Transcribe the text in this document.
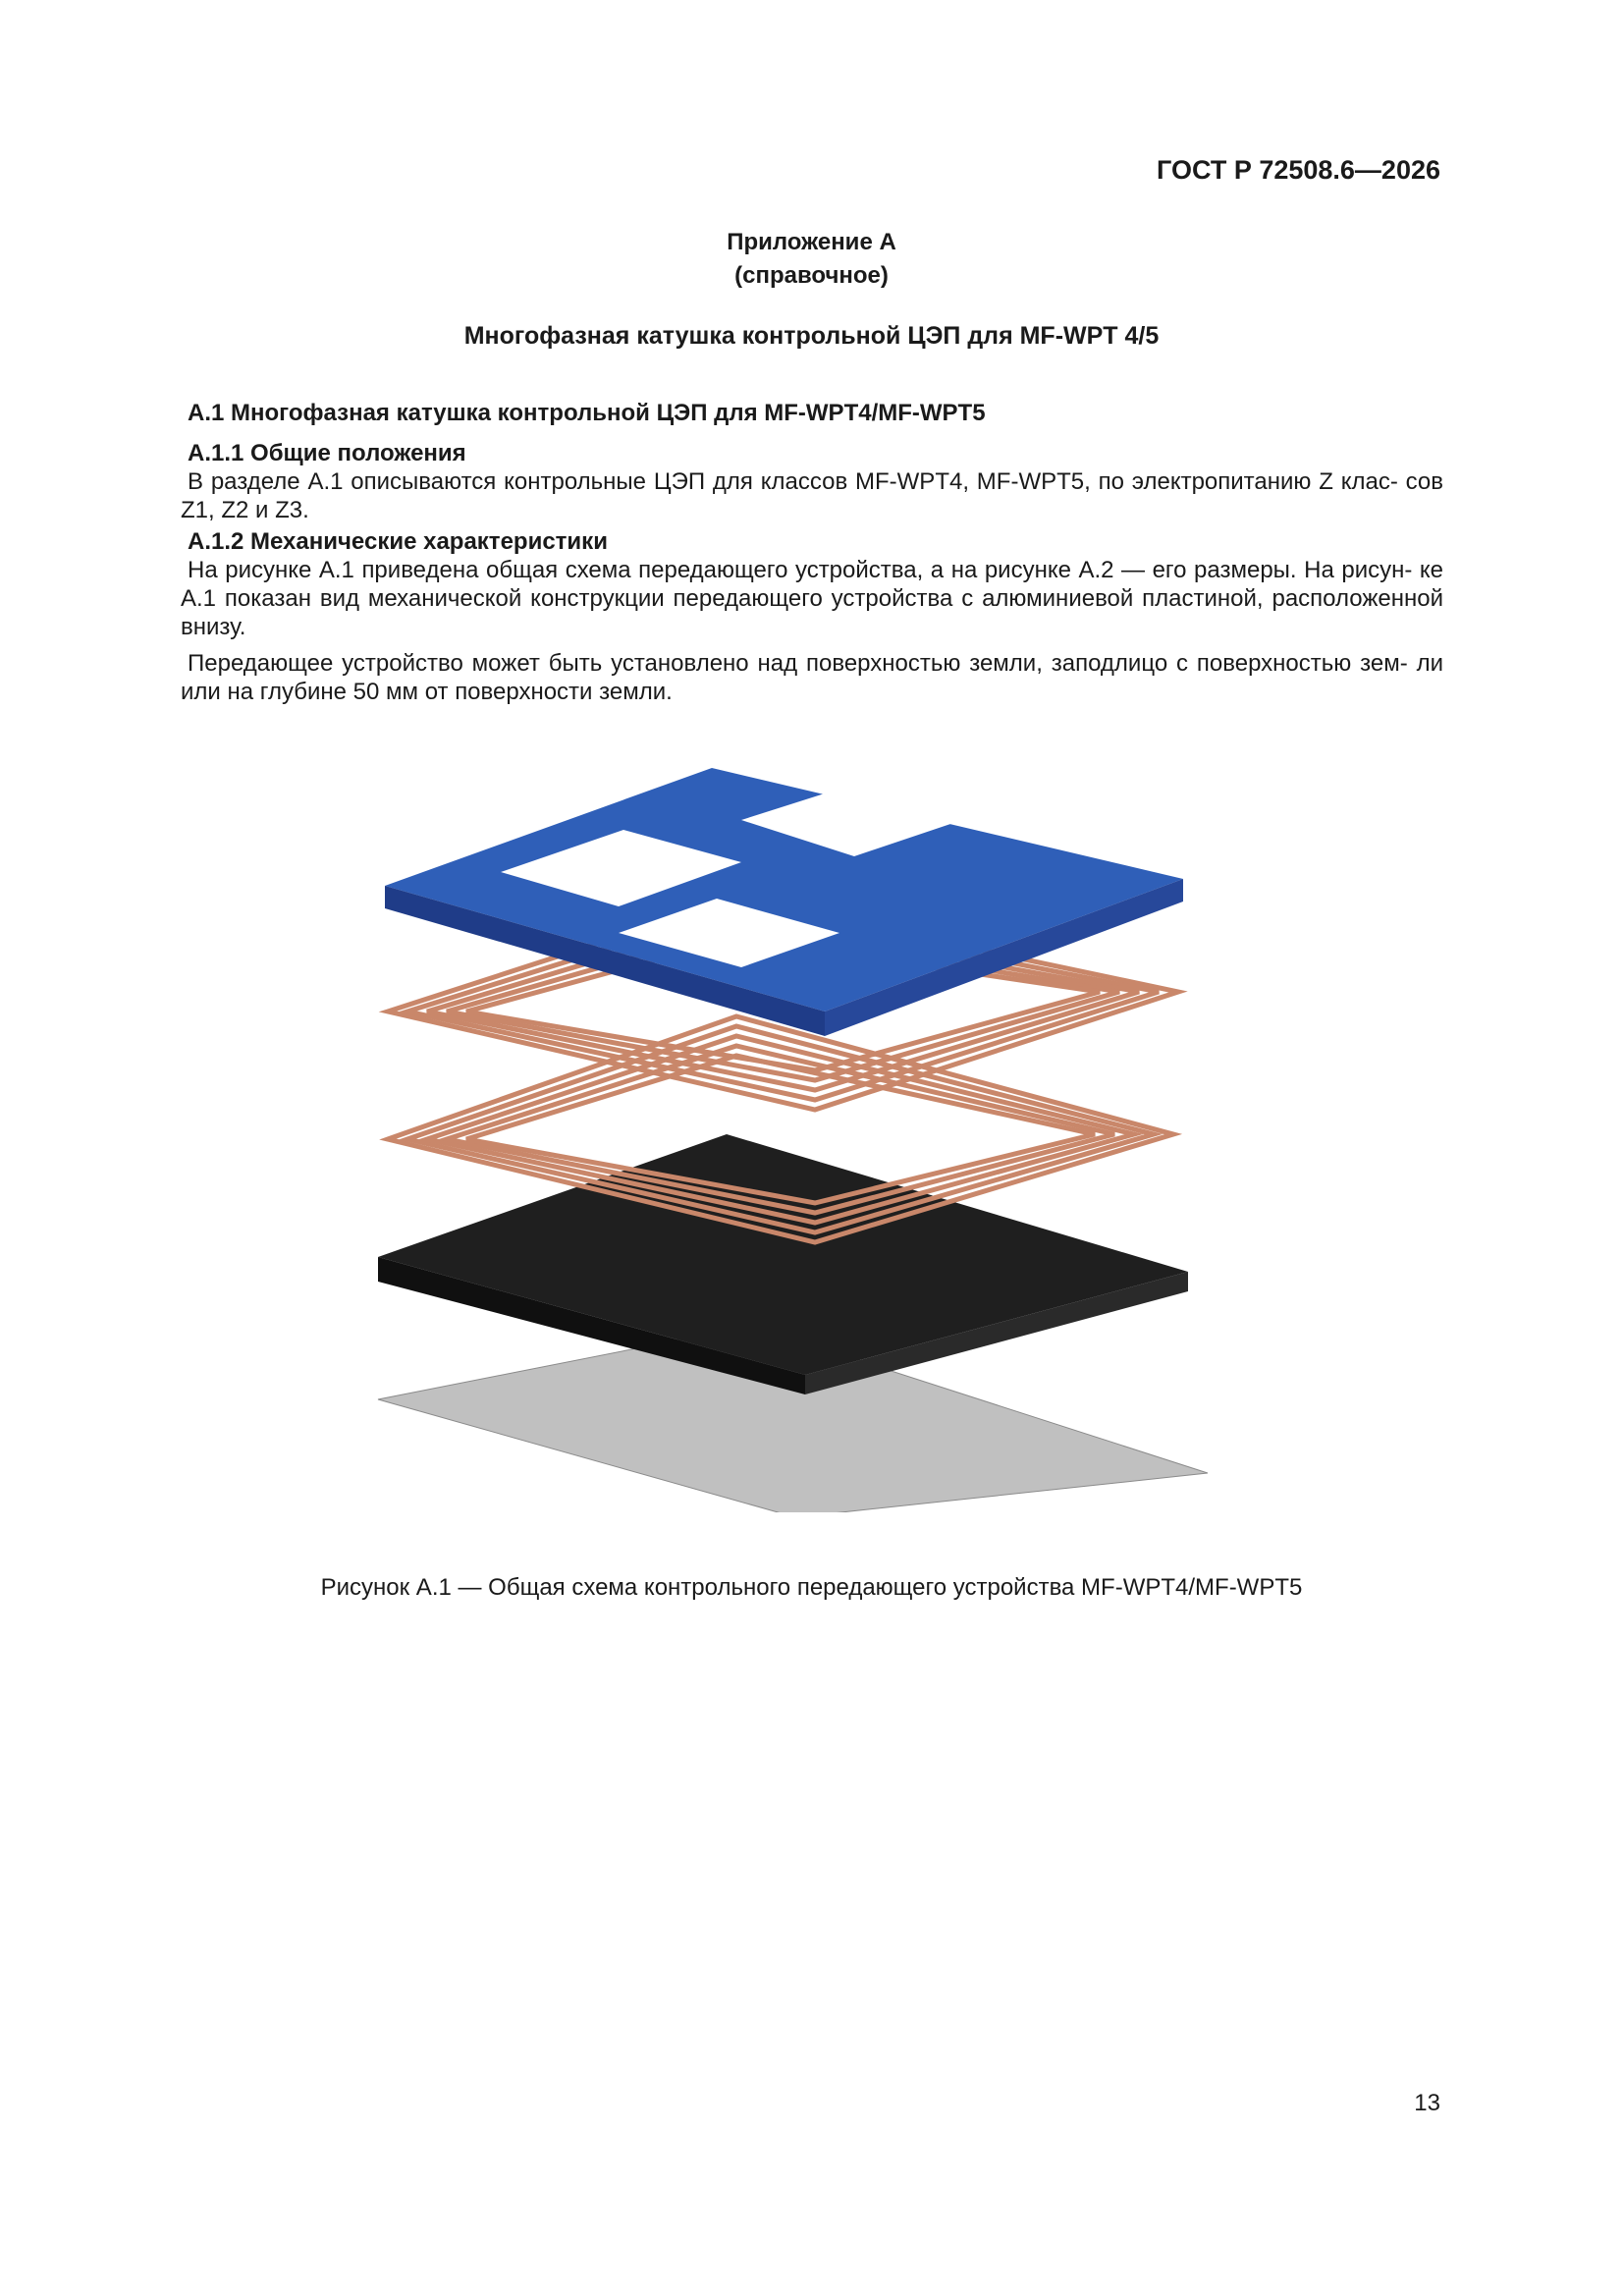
ГОСТ Р 72508.6—2026
Приложение А
(справочное)
Многофазная катушка контрольной ЦЭП для MF-WPT 4/5
А.1 Многофазная катушка контрольной ЦЭП для MF-WPT4/MF-WPT5
А.1.1 Общие положения
В разделе А.1 описываются контрольные ЦЭП для классов MF-WPT4, MF-WPT5, по электропитанию Z клас- сов Z1, Z2 и Z3.
А.1.2 Механические характеристики
На рисунке А.1 приведена общая схема передающего устройства, а на рисунке А.2 — его размеры. На рисун- ке А.1 показан вид механической конструкции передающего устройства с алюминиевой пластиной, расположенной внизу.
Передающее устройство может быть установлено над поверхностью земли, заподлицо с поверхностью зем- ли или на глубине 50 мм от поверхности земли.
Рисунок А.1 — Общая схема контрольного передающего устройства MF-WPT4/MF-WPT5
13
